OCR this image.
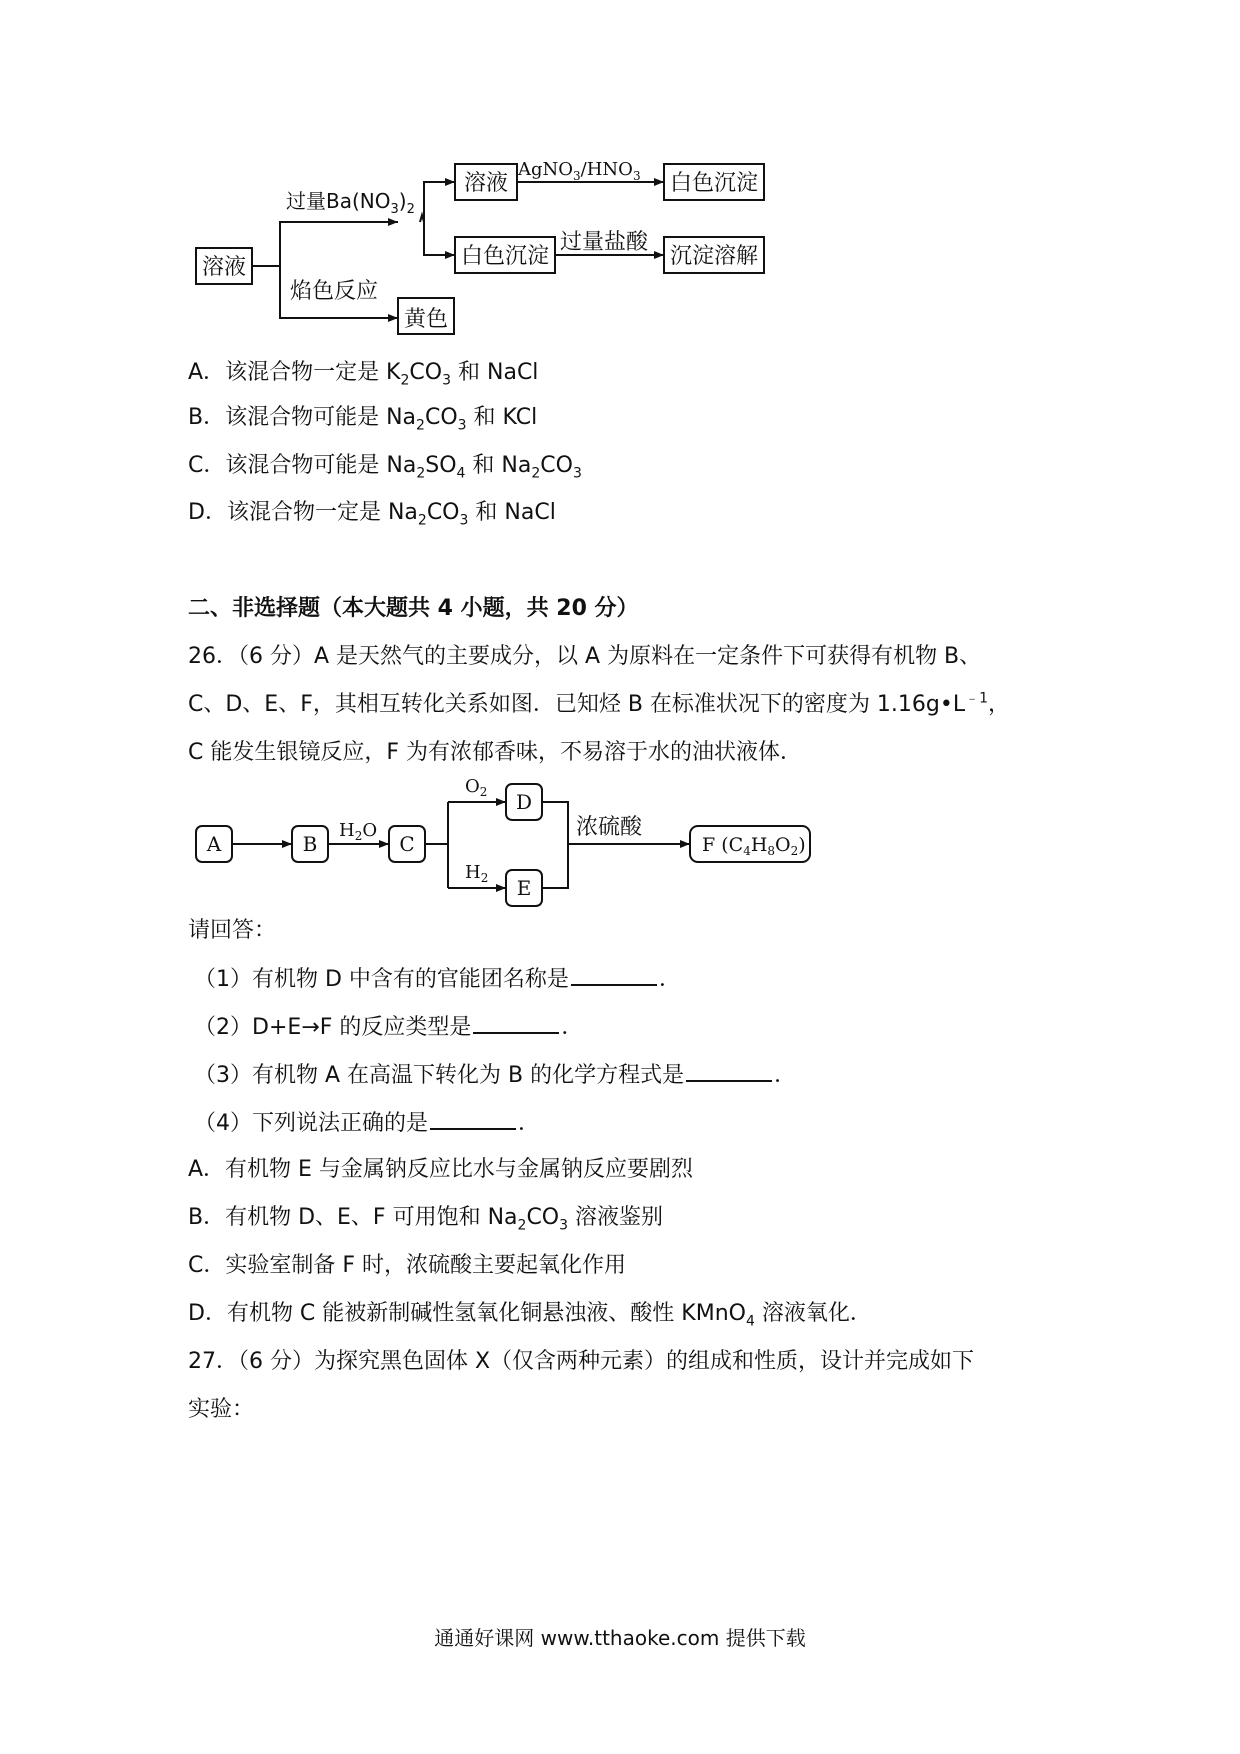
溶液
溶液	白色沉淀
白色沉淀	沉淀溶解
黄色
过量$Ba(NO_3)_2$
$AgNO_3/HNO_3$
过量盐酸
焰色反应
A．该混合物一定是 $K_2CO_3$ 和 NaCl
B．该混合物可能是 $Na_2CO_3$ 和 KCl
C．该混合物可能是 $Na_2SO_4$ 和 $Na_2CO_3$
D．该混合物一定是 $Na_2CO_3$ 和 NaCl
二、非选择题（本大题共 4 小题，共 20 分）
26．（6 分）A 是天然气的主要成分，以 A 为原料在一定条件下可获得有机物 B、
C、D、E、F，其相互转化关系如图．已知烃 B 在标准状况下的密度为 $1.16g•L^{﹣1}$，
C 能发生银镜反应，F 为有浓郁香味，不易溶于水的油状液体．
A	B	C
D
E
$H_2O$
$O_2$
$H_2$
浓硫酸
F $(C_4H_8O_2)$
请回答：
（1）有机物 D 中含有的官能团名称是	．
（2）D+E→F 的反应类型是	．
（3）有机物 A 在高温下转化为 B 的化学方程式是	．
（4）下列说法正确的是	．
A．有机物 E 与金属钠反应比水与金属钠反应要剧烈
B．有机物 D、E、F 可用饱和 $Na_2CO_3$ 溶液鉴别
C．实验室制备 F 时，浓硫酸主要起氧化作用
D．有机物 C 能被新制碱性氢氧化铜悬浊液、酸性 KMnO$_4$ 溶液氧化．
27．（6 分）为探究黑色固体 X（仅含两种元素）的组成和性质，设计并完成如下
实验：
通通好课网 www.tthaoke.com 提供下载
